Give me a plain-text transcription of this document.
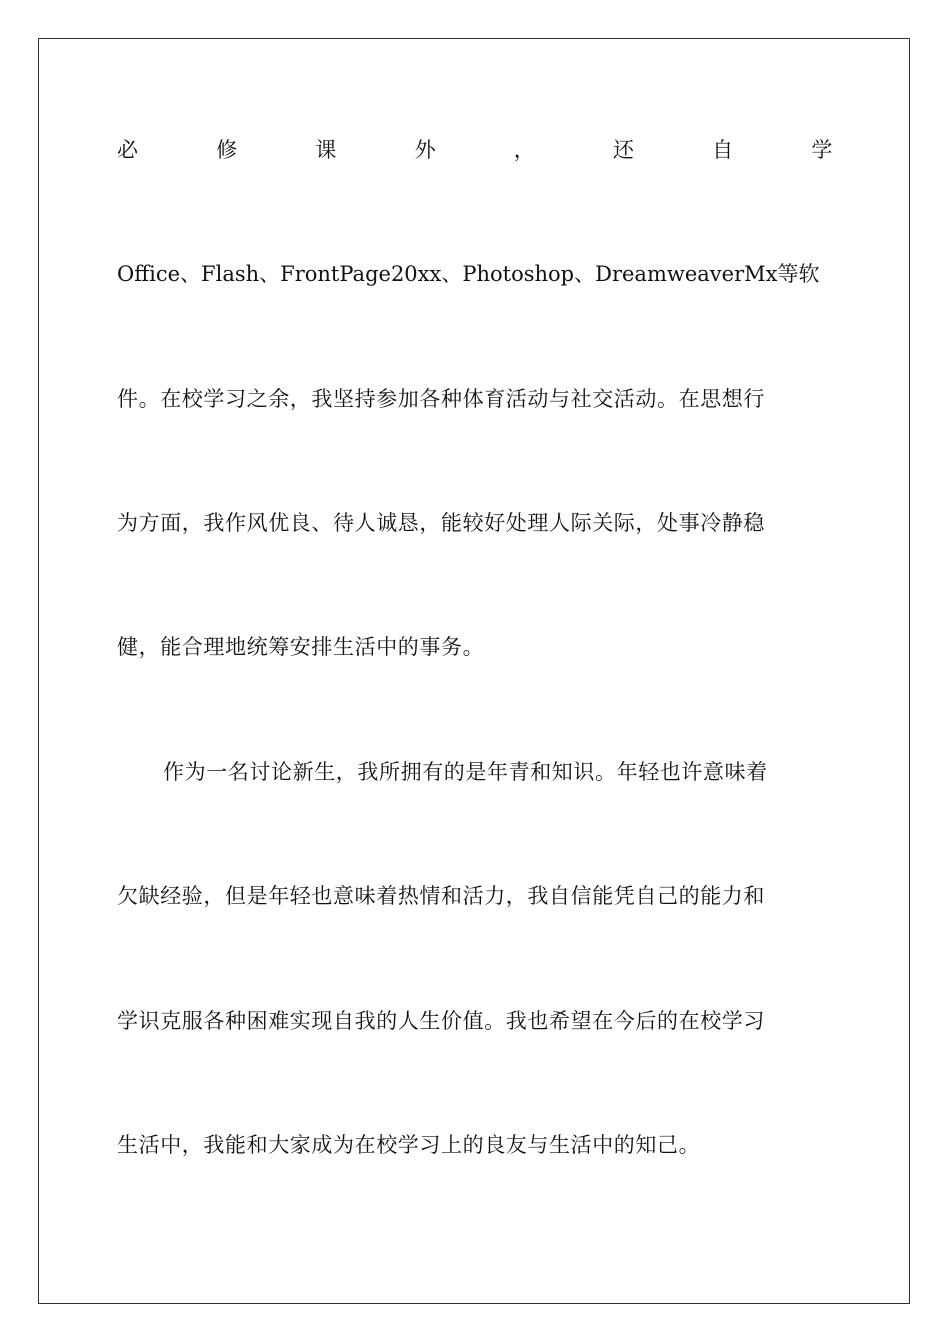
必	修	课	外	，	还	自	学
Office、Flash、FrontPage20xx、Photoshop、DreamweaverMx等软
件。在校学习之余，我坚持参加各种体育活动与社交活动。在思想行
为方面，我作风优良、待人诚恳，能较好处理人际关际，处事冷静稳
健，能合理地统筹安排生活中的事务。
作为一名讨论新生，我所拥有的是年青和知识。年轻也许意味着
欠缺经验，但是年轻也意味着热情和活力，我自信能凭自己的能力和
学识克服各种困难实现自我的人生价值。我也希望在今后的在校学习
生活中，我能和大家成为在校学习上的良友与生活中的知己。
